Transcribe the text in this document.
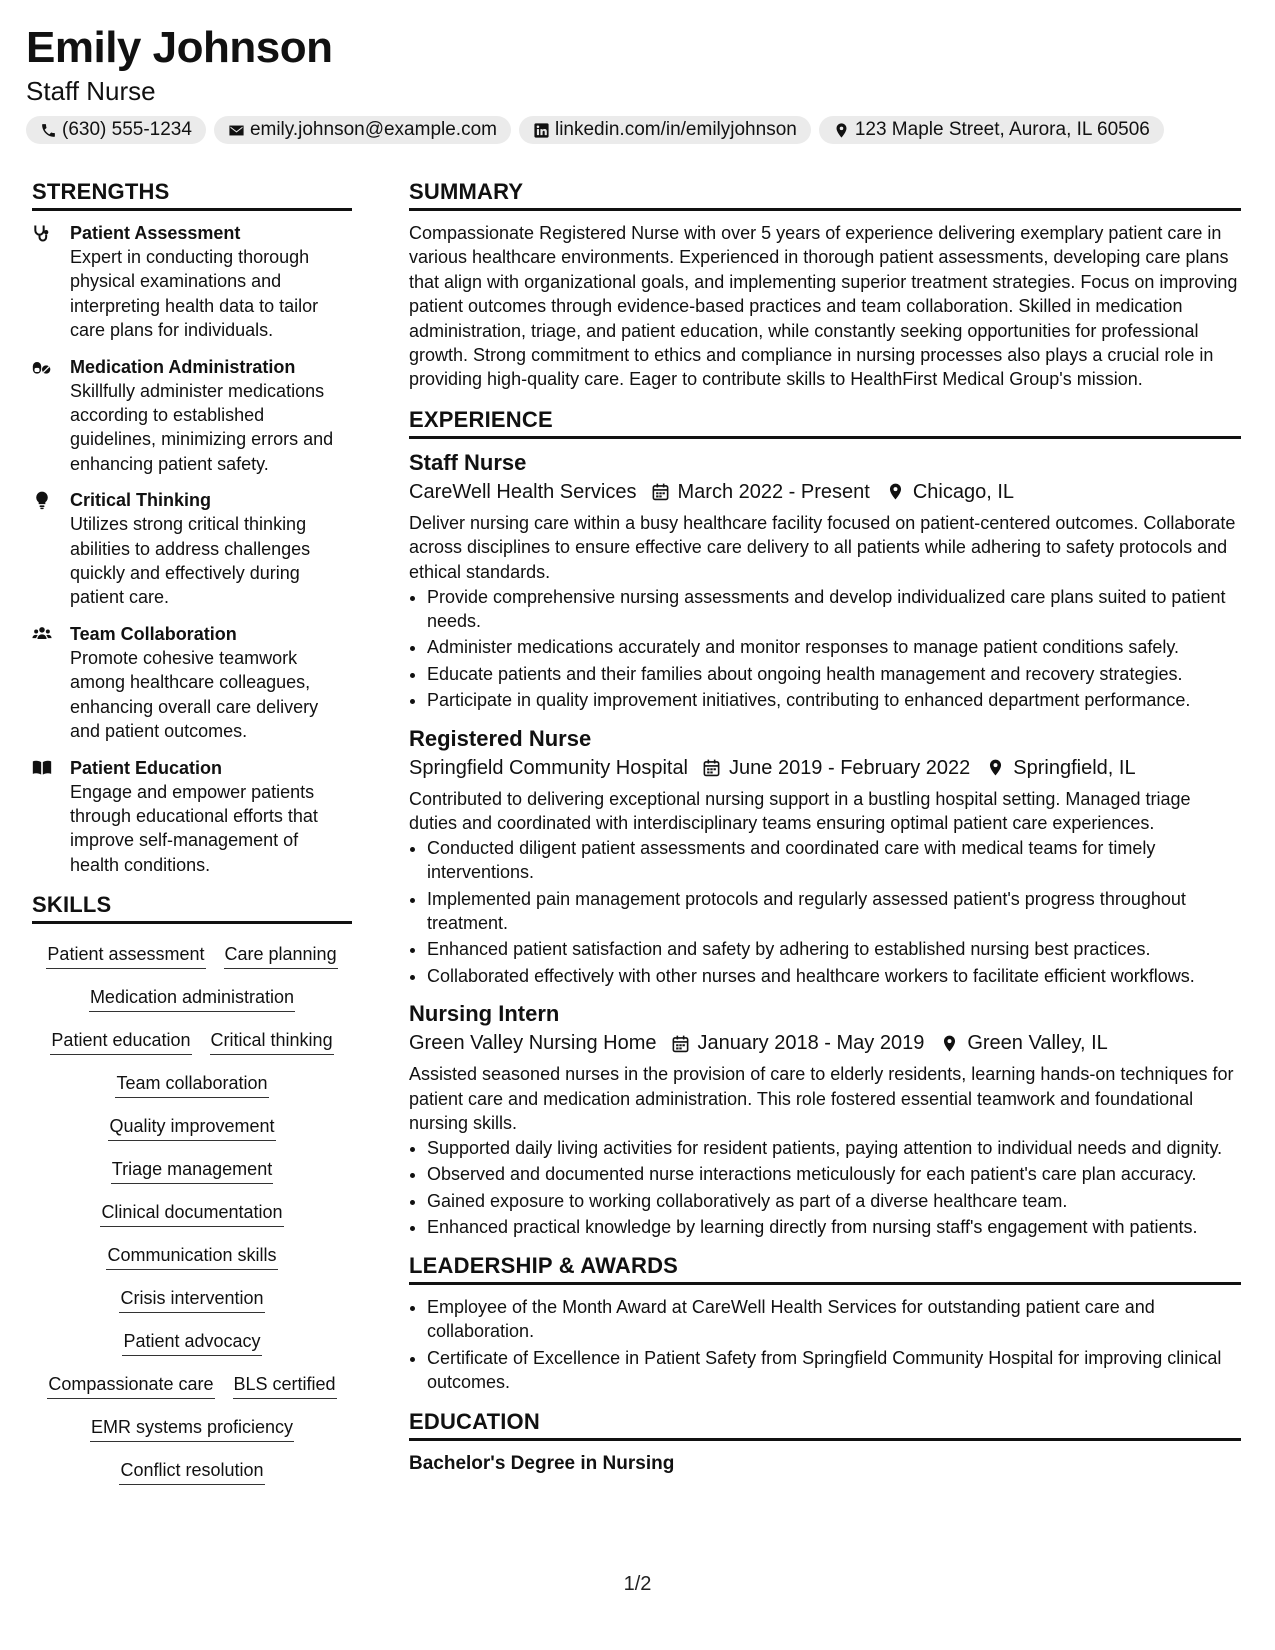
Emily Johnson
Staff Nurse
(630) 555-1234	emily.johnson@example.com	linkedin.com/in/emilyjohnson	123 Maple Street, Aurora, IL 60506
STRENGTHS
Patient Assessment
Expert in conducting thorough physical examinations and interpreting health data to tailor care plans for individuals.
Medication Administration
Skillfully administer medications according to established guidelines, minimizing errors and enhancing patient safety.
Critical Thinking
Utilizes strong critical thinking abilities to address challenges quickly and effectively during patient care.
Team Collaboration
Promote cohesive teamwork among healthcare colleagues, enhancing overall care delivery and patient outcomes.
Patient Education
Engage and empower patients through educational efforts that improve self-management of health conditions.
SKILLS
Patient assessment Care planning
Medication administration
Patient education Critical thinking
Team collaboration
Quality improvement
Triage management
Clinical documentation
Communication skills
Crisis intervention
Patient advocacy
Compassionate care BLS certified
EMR systems proficiency
Conflict resolution
SUMMARY
Compassionate Registered Nurse with over 5 years of experience delivering exemplary patient care in various healthcare environments. Experienced in thorough patient assessments, developing care plans that align with organizational goals, and implementing superior treatment strategies. Focus on improving patient outcomes through evidence-based practices and team collaboration. Skilled in medication administration, triage, and patient education, while constantly seeking opportunities for professional growth. Strong commitment to ethics and compliance in nursing processes also plays a crucial role in providing high-quality care. Eager to contribute skills to HealthFirst Medical Group's mission.
EXPERIENCE
Staff Nurse
CareWell Health Services March 2022 - Present Chicago, IL
Deliver nursing care within a busy healthcare facility focused on patient-centered outcomes. Collaborate across disciplines to ensure effective care delivery to all patients while adhering to safety protocols and ethical standards.
• Provide comprehensive nursing assessments and develop individualized care plans suited to patient needs.
• Administer medications accurately and monitor responses to manage patient conditions safely.
• Educate patients and their families about ongoing health management and recovery strategies.
• Participate in quality improvement initiatives, contributing to enhanced department performance.
Registered Nurse
Springfield Community Hospital June 2019 - February 2022 Springfield, IL
Contributed to delivering exceptional nursing support in a bustling hospital setting. Managed triage duties and coordinated with interdisciplinary teams ensuring optimal patient care experiences.
• Conducted diligent patient assessments and coordinated care with medical teams for timely interventions.
• Implemented pain management protocols and regularly assessed patient's progress throughout treatment.
• Enhanced patient satisfaction and safety by adhering to established nursing best practices.
• Collaborated effectively with other nurses and healthcare workers to facilitate efficient workflows.
Nursing Intern
Green Valley Nursing Home January 2018 - May 2019 Green Valley, IL
Assisted seasoned nurses in the provision of care to elderly residents, learning hands-on techniques for patient care and medication administration. This role fostered essential teamwork and foundational nursing skills.
• Supported daily living activities for resident patients, paying attention to individual needs and dignity.
• Observed and documented nurse interactions meticulously for each patient's care plan accuracy.
• Gained exposure to working collaboratively as part of a diverse healthcare team.
• Enhanced practical knowledge by learning directly from nursing staff's engagement with patients.
LEADERSHIP & AWARDS
• Employee of the Month Award at CareWell Health Services for outstanding patient care and collaboration.
• Certificate of Excellence in Patient Safety from Springfield Community Hospital for improving clinical outcomes.
EDUCATION
Bachelor's Degree in Nursing
1/2
